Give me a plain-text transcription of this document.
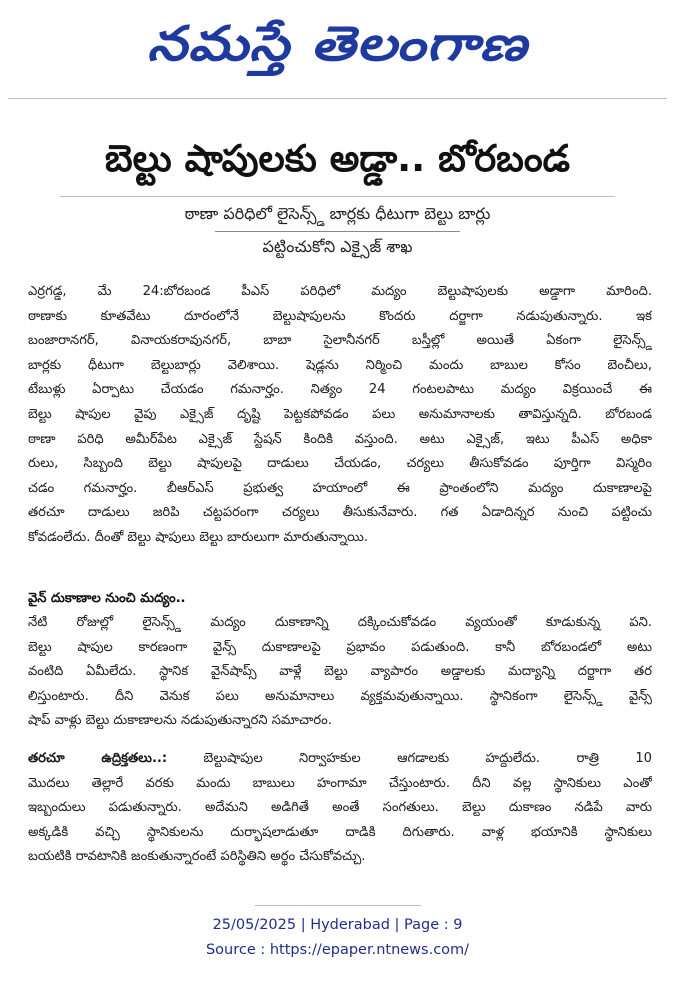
నమస్తే తెలంగాణ
బెల్టు షాపులకు అడ్డా.. బోరబండ
ఠాణా పరిధిలో లైసెన్స్డ్ బార్లకు ధీటుగా బెల్టు బార్లు
పట్టించుకోని ఎక్సైజ్ శాఖ
ఎర్రగడ్డ, మే 24:బోరబండ పీఎస్ పరిధిలో మద్యం బెల్టుషాపులకు అడ్డాగా మారింది.
ఠాణాకు కూతవేటు దూరంలోనే బెల్టుషాపులను కొందరు దర్జాగా నడుపుతున్నారు. ఇక
బంజారానగర్, వినాయకరావునగర్, బాబా సైలానీనగర్ బస్తీల్లో అయితే ఏకంగా లైసెన్స్డ్
బార్లకు ధీటుగా బెల్టుబార్లు వెలిశాయి. షెడ్లను నిర్మించి మందు బాబుల కోసం బెంచీలు,
టేబుళ్లు ఏర్పాటు చేయడం గమనార్హం. నిత్యం 24 గంటలపాటు మద్యం విక్రయించే ఈ
బెల్టు షాపుల వైపు ఎక్సైజ్ దృష్టి పెట్టకపోవడం పలు అనుమానాలకు తావిస్తున్నది. బోరబండ
ఠాణా పరిధి అమీర్‌పేట ఎక్సైజ్ స్టేషన్ కిందికి వస్తుంది. అటు ఎక్సైజ్, ఇటు పీఎస్ అధికా
రులు, సిబ్బంది బెల్టు షాపులపై దాడులు చేయడం, చర్యలు తీసుకోవడం పూర్తిగా విస్మరిం
చడం గమనార్హం. బీఆర్ఎస్ ప్రభుత్వ హయాంలో ఈ ప్రాంతంలోని మద్యం దుకాణాలపై
తరచూ దాడులు జరిపి చట్టపరంగా చర్యలు తీసుకునేవారు. గత ఏడాదిన్నర నుంచి పట్టించు
కోవడంలేదు. దీంతో బెల్టు షాపులు బెల్టు బారులుగా మారుతున్నాయి.
వైన్ దుకాణాల నుంచి మద్యం..
నేటి రోజుల్లో లైసెన్స్డ్ మద్యం దుకాణాన్ని దక్కించుకోవడం వ్యయంతో కూడుకున్న పని.
బెల్టు షాపుల కారణంగా వైన్స్ దుకాణాలపై ప్రభావం పడుతుంది. కానీ బోరబండలో అటు
వంటిది ఏమీలేదు. స్థానిక వైన్‌షాప్స్ వాళ్లే బెల్టు వ్యాపారం అడ్డాలకు మద్యాన్ని దర్జాగా తర
లిస్తుంటారు. దీని వెనుక పలు అనుమానాలు వ్యక్తమవుతున్నాయి. స్థానికంగా లైసెన్స్డ్ వైన్స్
షాప్ వాళ్లు బెల్టు దుకాణాలను నడుపుతున్నారని సమాచారం.
తరచూ ఉద్రిక్తతలు..: బెల్టుషాపుల నిర్వాహకుల ఆగడాలకు హద్దులేదు. రాత్రి 10
మొదలు తెల్లారే వరకు మందు బాబులు హంగామా చేస్తుంటారు. దీని వల్ల స్థానికులు ఎంతో
ఇబ్బందులు పడుతున్నారు. అదేమని అడిగితే అంతే సంగతులు. బెల్టు దుకాణం నడిపే వారు
అక్కడికి వచ్చి స్థానికులను దుర్భాషలాడుతూ దాడికి దిగుతారు. వాళ్ల భయానికి స్థానికులు
బయటికి రావటానికి జంకుతున్నారంటే పరిస్థితిని అర్థం చేసుకోవచ్చు.
25/05/2025 | Hyderabad | Page : 9
Source : https://epaper.ntnews.com/
